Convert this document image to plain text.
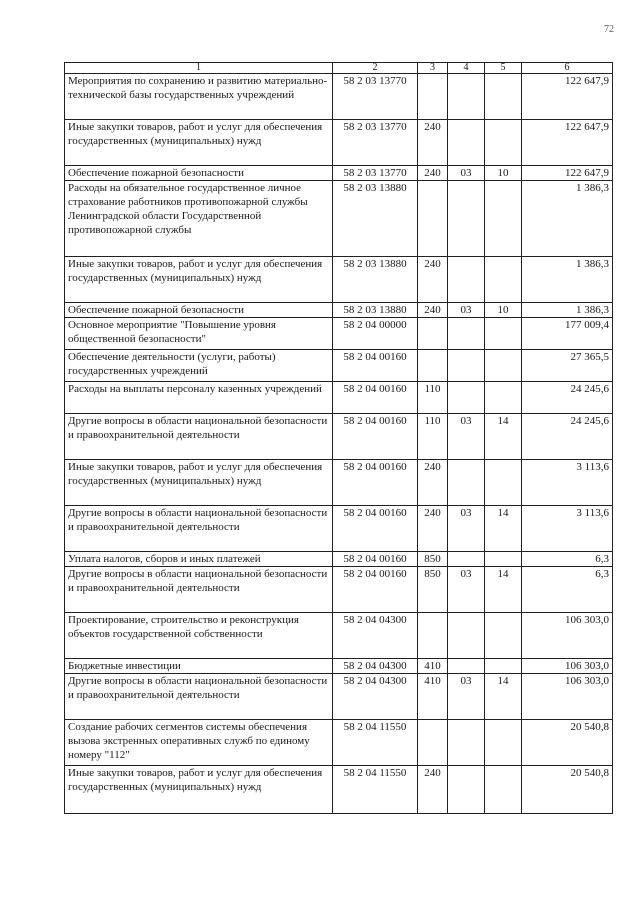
72
1	2	3	4	5	6
Мероприятия по сохранению и развитию материально-технической базы государственных учреждений	58 2 03 13770				122 647,9
Иные закупки товаров, работ и услуг для обеспечения государственных (муниципальных) нужд	58 2 03 13770	240			122 647,9
Обеспечение пожарной безопасности	58 2 03 13770	240	03	10	122 647,9
Расходы на обязательное государственное личное страхование работников противопожарной службы Ленинградской области Государственной противопожарной службы	58 2 03 13880				1 386,3
Иные закупки товаров, работ и услуг для обеспечения государственных (муниципальных) нужд	58 2 03 13880	240			1 386,3
Обеспечение пожарной безопасности	58 2 03 13880	240	03	10	1 386,3
Основное мероприятие "Повышение уровня общественной безопасности"	58 2 04 00000				177 009,4
Обеспечение деятельности (услуги, работы) государственных учреждений	58 2 04 00160				27 365,5
Расходы на выплаты персоналу казенных учреждений	58 2 04 00160	110			24 245,6
Другие вопросы в области национальной безопасности и правоохранительной деятельности	58 2 04 00160	110	03	14	24 245,6
Иные закупки товаров, работ и услуг для обеспечения государственных (муниципальных) нужд	58 2 04 00160	240			3 113,6
Другие вопросы в области национальной безопасности и правоохранительной деятельности	58 2 04 00160	240	03	14	3 113,6
Уплата налогов, сборов и иных платежей	58 2 04 00160	850			6,3
Другие вопросы в области национальной безопасности и правоохранительной деятельности	58 2 04 00160	850	03	14	6,3
Проектирование, строительство и реконструкция объектов государственной собственности	58 2 04 04300				106 303,0
Бюджетные инвестиции	58 2 04 04300	410			106 303,0
Другие вопросы в области национальной безопасности и правоохранительной деятельности	58 2 04 04300	410	03	14	106 303,0
Создание рабочих сегментов системы обеспечения вызова экстренных оперативных служб по единому номеру "112"	58 2 04 11550				20 540,8
Иные закупки товаров, работ и услуг для обеспечения государственных (муниципальных) нужд	58 2 04 11550	240			20 540,8
